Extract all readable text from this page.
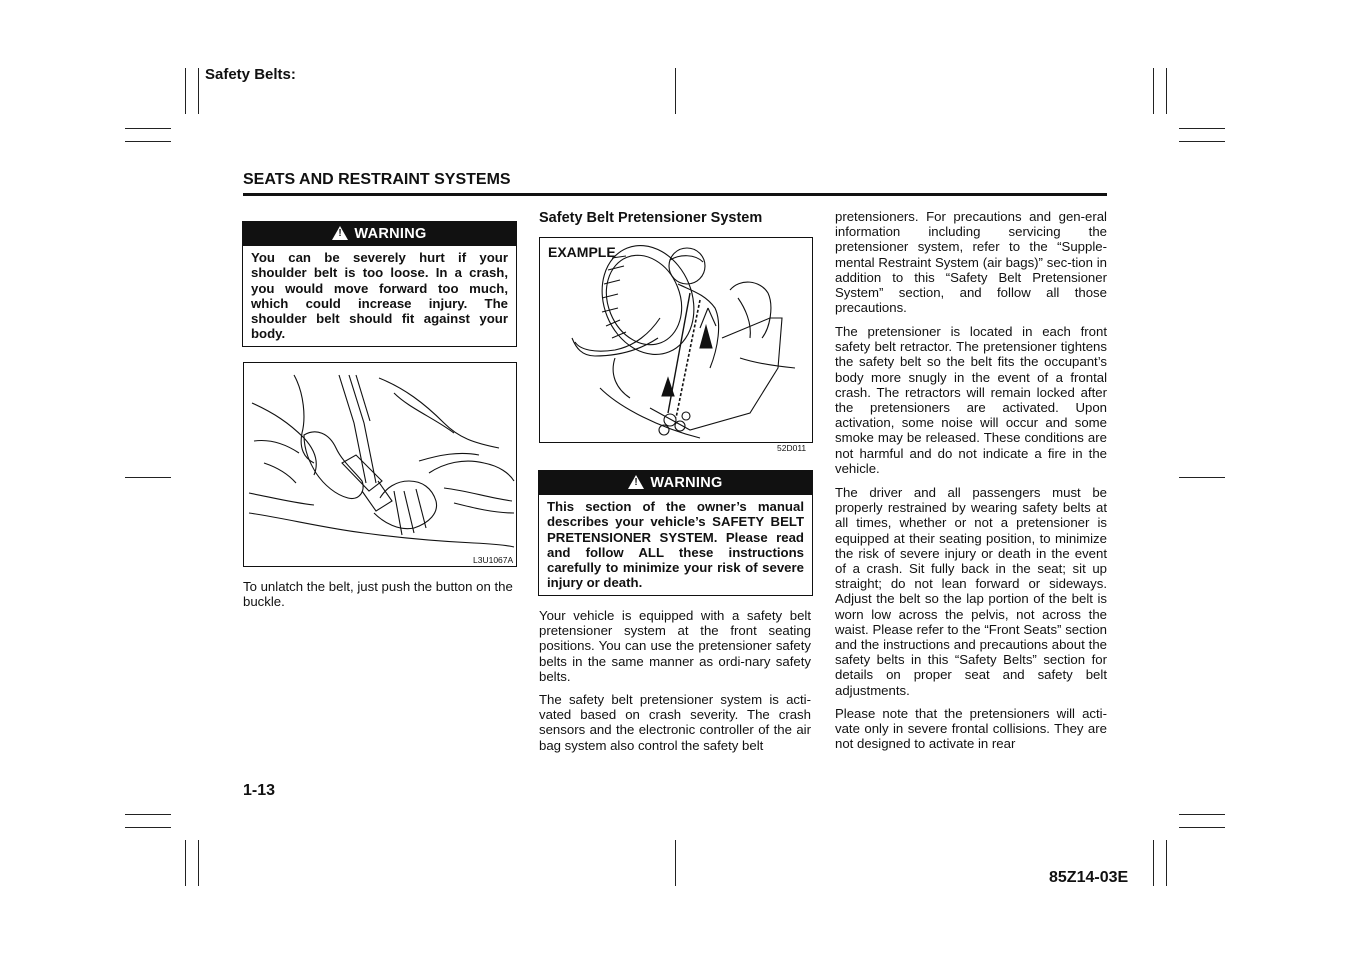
Safety Belts:
SEATS AND RESTRAINT SYSTEMS
! WARNING
You can be severely hurt if your shoulder belt is too loose. In a crash, you would move forward too much, which could increase injury. The shoulder belt should fit against your body.
L3U1067A
To unlatch the belt, just push the button on the buckle.
Safety Belt Pretensioner System
EXAMPLE
52D011
! WARNING
This section of the owner’s manual describes your vehicle’s SAFETY BELT PRETENSIONER SYSTEM. Please read and follow ALL these instructions carefully to minimize your risk of severe injury or death.
Your vehicle is equipped with a safety belt pretensioner system at the front seating positions. You can use the pretensioner safety belts in the same manner as ordi-nary safety belts.
The safety belt pretensioner system is acti-vated based on crash severity. The crash sensors and the electronic controller of the air bag system also control the safety belt
pretensioners. For precautions and gen-eral information including servicing the pretensioner system, refer to the “Supple-mental Restraint System (air bags)” sec-tion in addition to this “Safety Belt Pretensioner System” section, and follow all those precautions.
The pretensioner is located in each front safety belt retractor. The pretensioner tightens the safety belt so the belt fits the occupant’s body more snugly in the event of a frontal crash. The retractors will remain locked after the pretensioners are activated. Upon activation, some noise will occur and some smoke may be released. These conditions are not harmful and do not indicate a fire in the vehicle.
The driver and all passengers must be properly restrained by wearing safety belts at all times, whether or not a pretensioner is equipped at their seating position, to minimize the risk of severe injury or death in the event of a crash. Sit fully back in the seat; sit up straight; do not lean forward or sideways. Adjust the belt so the lap portion of the belt is worn low across the pelvis, not across the waist. Please refer to the “Front Seats” section and the instructions and precautions about the safety belts in this “Safety Belts” section for details on proper seat and safety belt adjustments.
Please note that the pretensioners will acti-vate only in severe frontal collisions. They are not designed to activate in rear
1-13
85Z14-03E
